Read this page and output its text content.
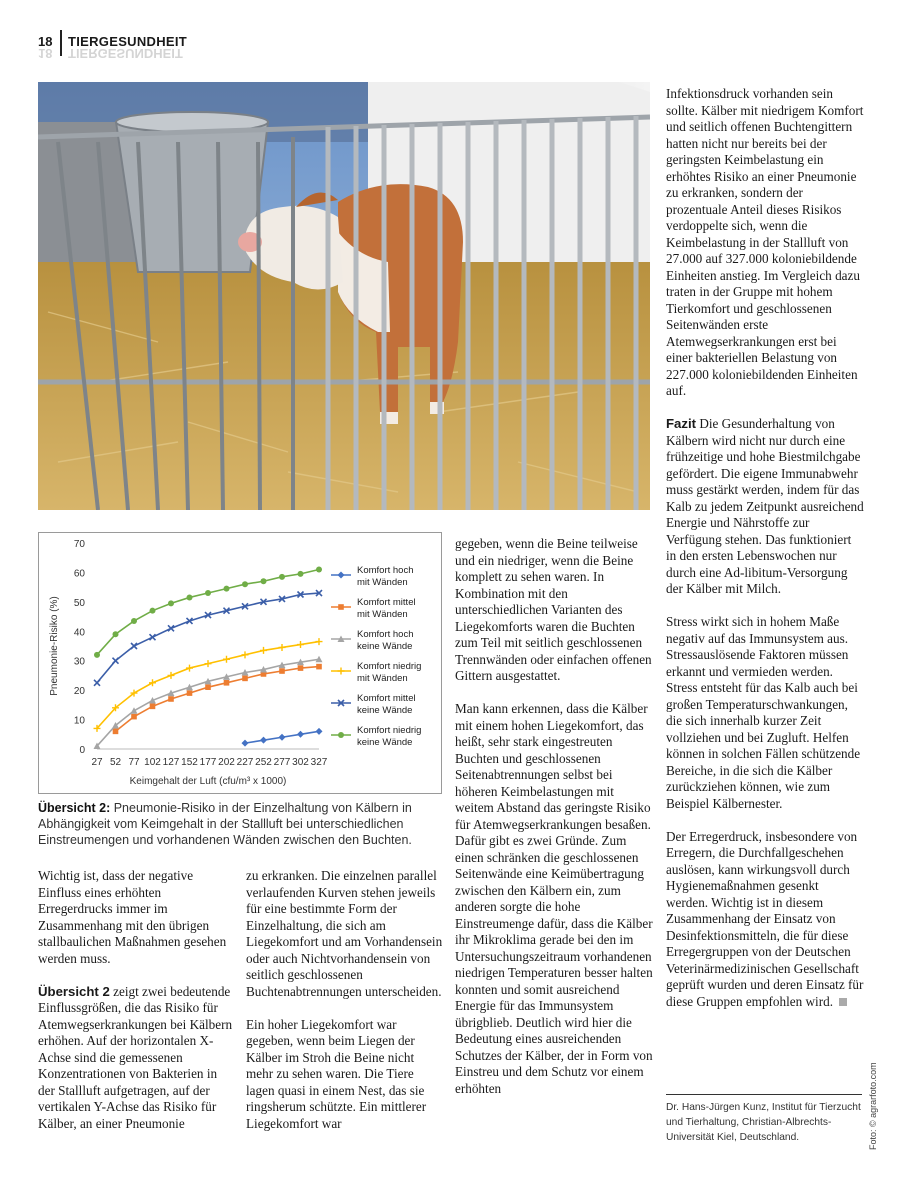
18 TIERGESUNDHEIT
18 TIERGESUNDHEIT
0
10
20
30
40
50
60
70
27 52 77 102 127 152 177 202 227 252 277 302 327
Keimgehalt der Luft (cfu/m³ x 1000)
Pneumonie-Risiko (%)
Komfort hoch
mit Wänden
Komfort mittel
mit Wänden
Komfort hoch
keine Wände
Komfort niedrig
mit Wänden
Komfort mittel
keine Wände
Komfort niedrig
keine Wände
Übersicht 2: Pneumonie-Risiko in der Einzelhaltung von Kälbern in Abhängigkeit vom Keimgehalt in der Stallluft bei unterschiedlichen Einstreumengen und vorhandenen Wänden zwischen den Buchten.

Wichtig ist, dass der negative Einfluss eines erhöhten Erregerdrucks immer im Zusammenhang mit den übrigen stallbaulichen Maßnahmen gesehen werden muss.

Übersicht 2 zeigt zwei bedeutende Einflussgrößen, die das Risiko für Atemwegserkrankungen bei Kälbern erhöhen. Auf der horizontalen X-Achse sind die gemessenen Konzentrationen von Bakterien in der Stallluft aufgetragen, auf der vertikalen Y-Achse das Risiko für Kälber, an einer Pneumonie

zu erkranken. Die einzelnen parallel verlaufenden Kurven stehen jeweils für eine bestimmte Form der Einzelhaltung, die sich am Liegekomfort und am Vorhandensein oder auch Nichtvorhandensein von seitlich geschlossenen Buchtenabtrennungen unterscheiden.

Ein hoher Liegekomfort war gegeben, wenn beim Liegen der Kälber im Stroh die Beine nicht mehr zu sehen waren. Die Tiere lagen quasi in einem Nest, das sie ringsherum schützte. Ein mittlerer Liegekomfort war

gegeben, wenn die Beine teilweise und ein niedriger, wenn die Beine komplett zu sehen waren. In Kombination mit den unterschiedlichen Varianten des Liegekomforts waren die Buchten zum Teil mit seitlich geschlossenen Trennwänden oder einfachen offenen Gittern ausgestattet.

Man kann erkennen, dass die Kälber mit einem hohen Liegekomfort, das heißt, sehr stark eingestreuten Buchten und geschlossenen Seitenabtrennungen selbst bei höheren Keimbelastungen mit weitem Abstand das geringste Risiko für Atemwegserkrankungen besaßen. Dafür gibt es zwei Gründe. Zum einen schränken die geschlossenen Seitenwände eine Keimübertragung zwischen den Kälbern ein, zum anderen sorgte die hohe Einstreumenge dafür, dass die Kälber ihr Mikroklima gerade bei den im Untersuchungszeitraum vorhandenen niedrigen Temperaturen besser halten konnten und somit ausreichend Energie für das Immunsystem übrigblieb. Deutlich wird hier die Bedeutung eines ausreichenden Schutzes der Kälber, der in Form von Einstreu und dem Schutz vor einem erhöhten

Infektionsdruck vorhanden sein sollte. Kälber mit niedrigem Komfort und seitlich offenen Buchtengittern hatten nicht nur bereits bei der geringsten Keimbelastung ein erhöhtes Risiko an einer Pneumonie zu erkranken, sondern der prozentuale Anteil dieses Risikos verdoppelte sich, wenn die Keimbelastung in der Stallluft von 27.000 auf 327.000 koloniebildende Einheiten anstieg. Im Vergleich dazu traten in der Gruppe mit hohem Tierkomfort und geschlossenen Seitenwänden erste Atemwegserkrankungen erst bei einer bakteriellen Belastung von 227.000 koloniebildenden Einheiten auf.

Fazit Die Gesunderhaltung von Kälbern wird nicht nur durch eine frühzeitige und hohe Biestmilchgabe gefördert. Die eigene Immunabwehr muss gestärkt werden, indem für das Kalb zu jedem Zeitpunkt ausreichend Energie und Nährstoffe zur Verfügung stehen. Das funktioniert in den ersten Lebenswochen nur durch eine Ad-libitum-Versorgung der Kälber mit Milch.

Stress wirkt sich in hohem Maße negativ auf das Immunsystem aus. Stressauslösende Faktoren müssen erkannt und vermieden werden. Stress entsteht für das Kalb auch bei großen Temperaturschwankungen, die sich innerhalb kurzer Zeit vollziehen und bei Zugluft. Helfen können in solchen Fällen schützende Bereiche, in die sich die Kälber zurückziehen können, wie zum Beispiel Kälbernester.

Der Erregerdruck, insbesondere von Erregern, die Durchfallgeschehen auslösen, kann wirkungsvoll durch Hygienemaßnahmen gesenkt werden. Wichtig ist in diesem Zusammenhang der Einsatz von Desinfektionsmitteln, die für diese Erregergruppen von der Deutschen Veterinärmedizinischen Gesellschaft geprüft wurden und deren Einsatz für diese Gruppen empfohlen wird.

Dr. Hans-Jürgen Kunz, Institut für Tierzucht und Tierhaltung, Christian-Albrechts-Universität Kiel, Deutschland.	Foto: © agrarfoto.com
